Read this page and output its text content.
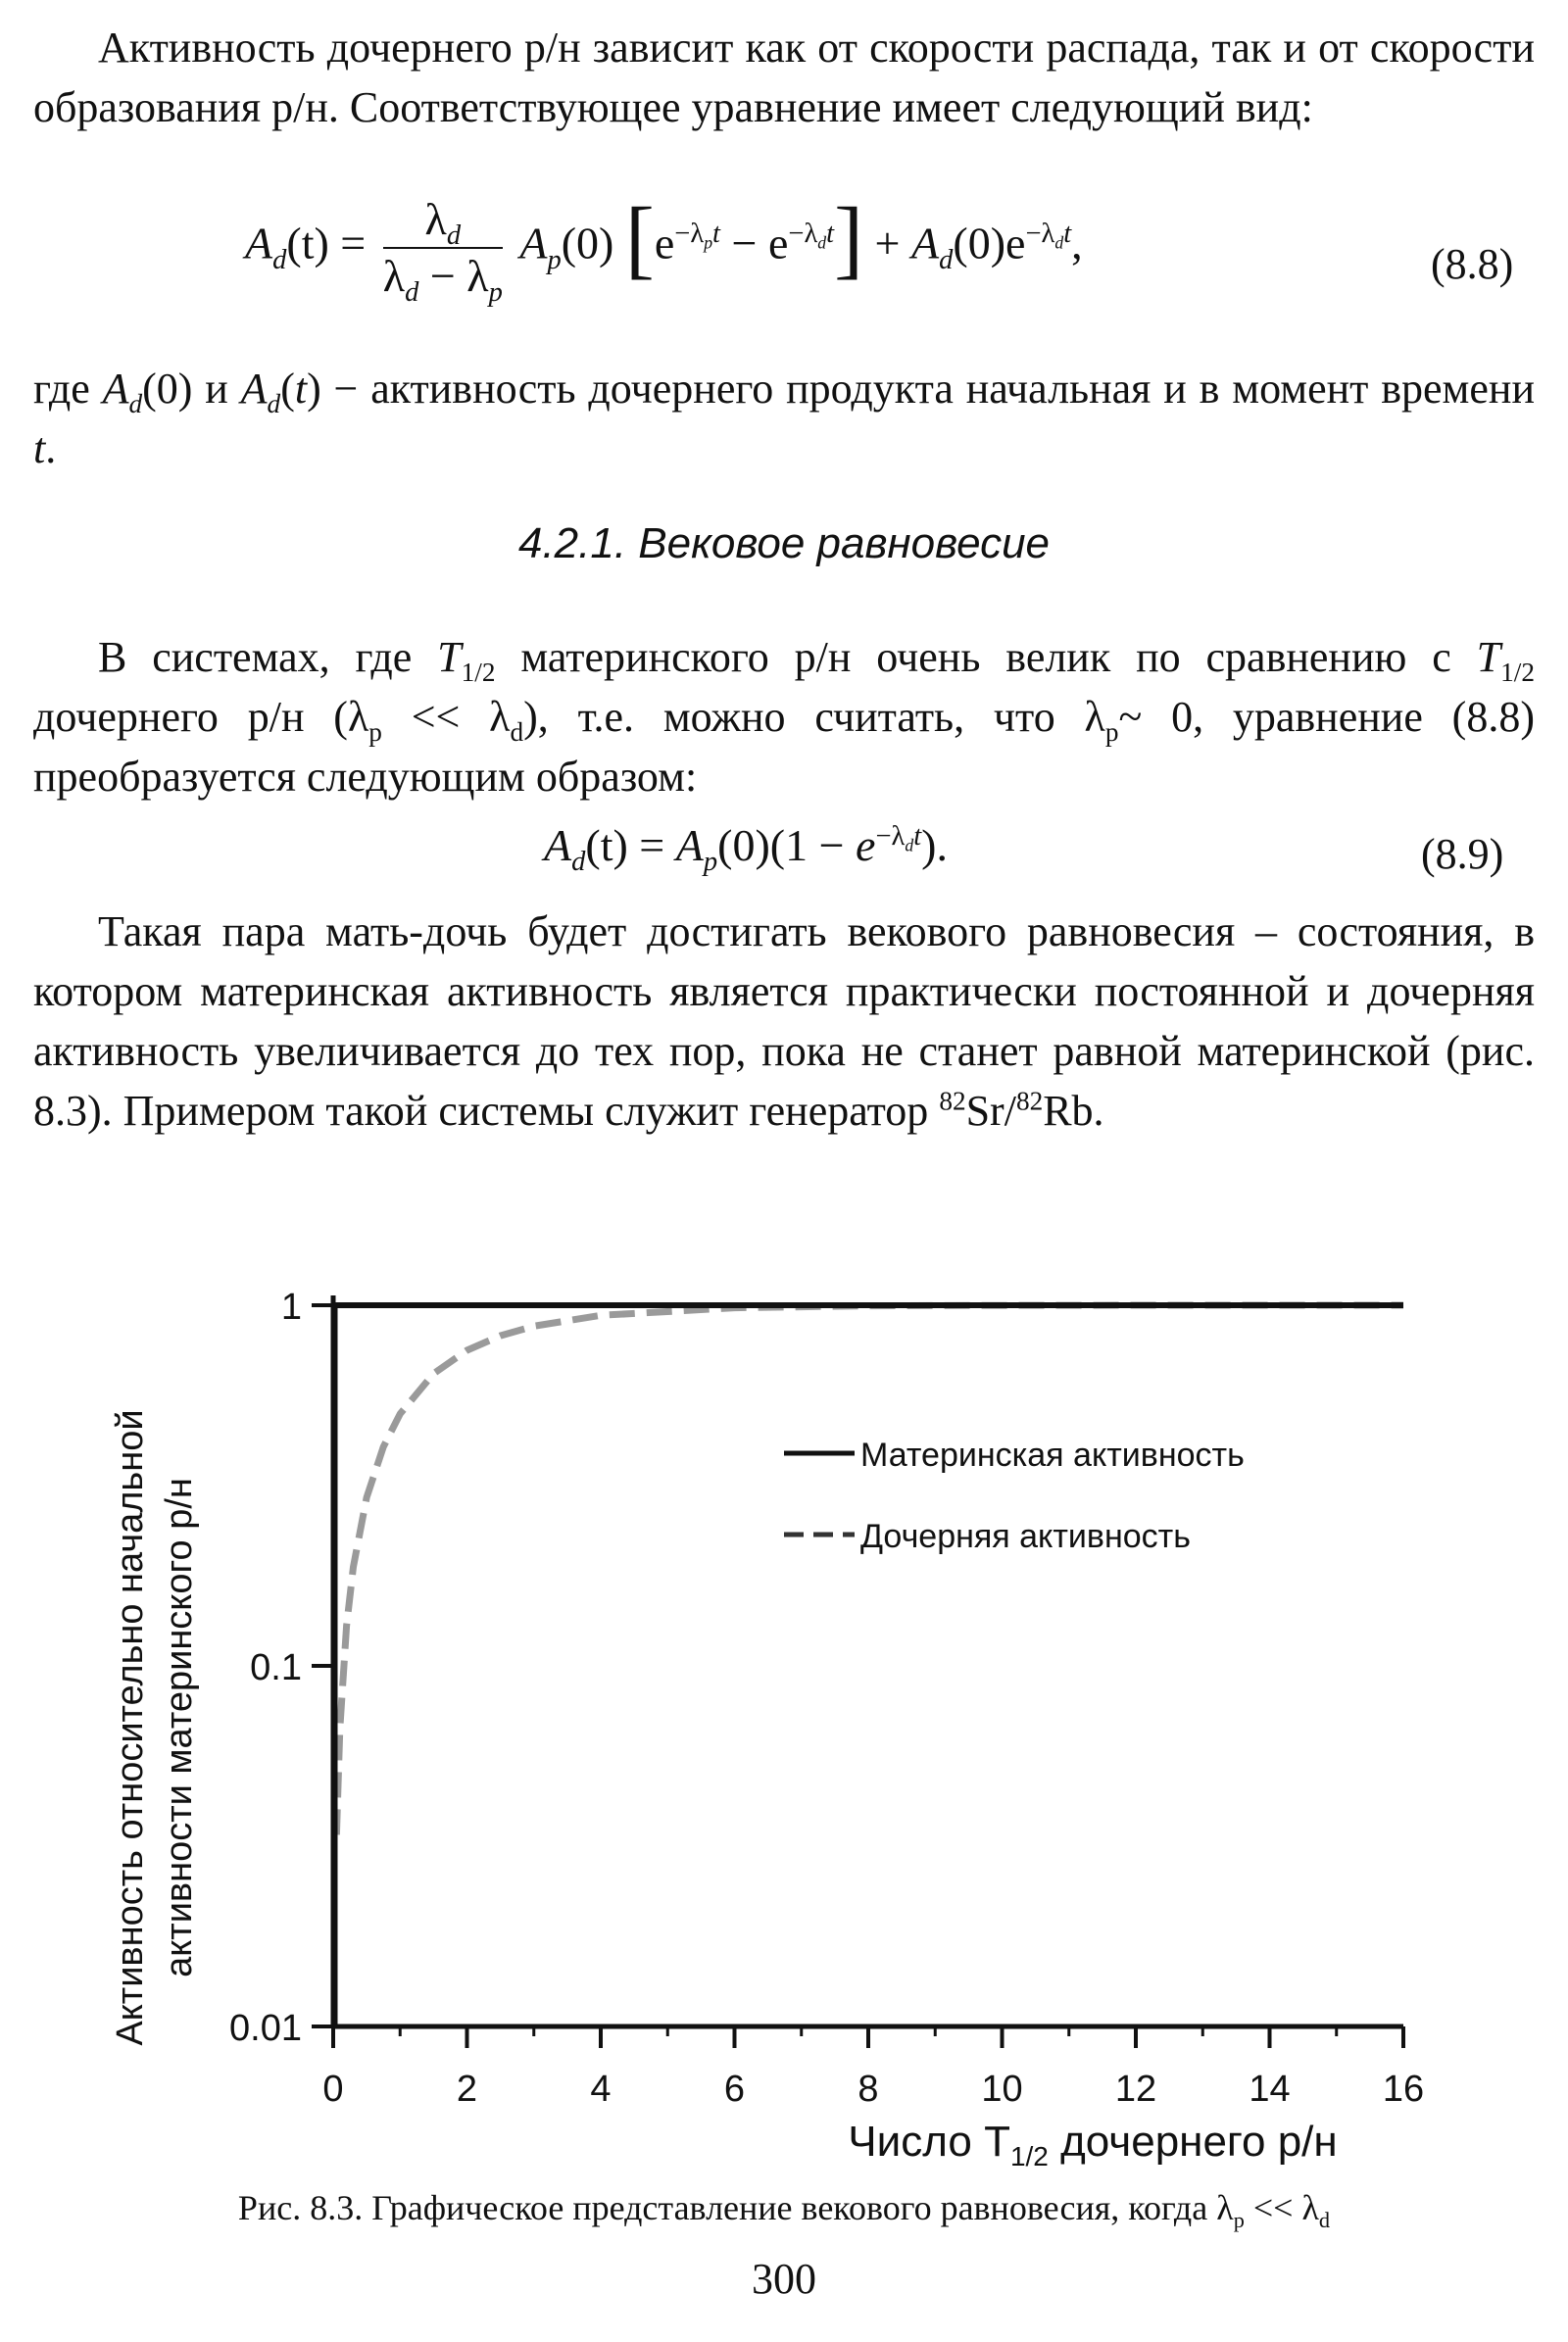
Активность дочернего р/н зависит как от скорости распада, так и от скорости образования р/н. Соответствующее уравнение имеет следующий вид:

$A_d(t) = \frac{\lambda_d}{\lambda_d - \lambda_p} A_p(0) [e^{-\lambda_pt} - e^{-\lambda_dt}] + A_d(0)e^{-\lambda_dt}$,	(8.8)

где $A_d(0)$ и $A_d(t)$ − активность дочернего продукта начальная и в момент времени t.

4.2.1. Вековое равновесие

В системах, где $T_{1/2}$ материнского р/н очень велик по сравнению с $T_{1/2}$ дочернего р/н $(\lambda_p << \lambda_d)$, т.е. можно считать, что $\lambda_p\sim$ 0, уравнение (8.8) преобразуется следующим образом:

$A_d(t) = A_p(0)(1 - e^{-\lambda_dt})$.	(8.9)

Такая пара мать-дочь будет достигать векового равновесия – состояния, в котором материнская активность является практически постоянной и дочерняя активность увеличивается до тех пор, пока не станет равной материнской (рис. 8.3). Примером такой системы служит генератор $^{82}$Sr/$^{82}$Rb.

Активность относительно начальной активности материнского р/н
1
0.1
0.01
0	2	4	6	8	10 12 14 16
Материнская активность
Дочерняя активность
Число $T_{1/2}$ дочернего р/н
Рис. 8.3. Графическое представление векового равновесия, когда $\lambda_p << \lambda_d$
300
